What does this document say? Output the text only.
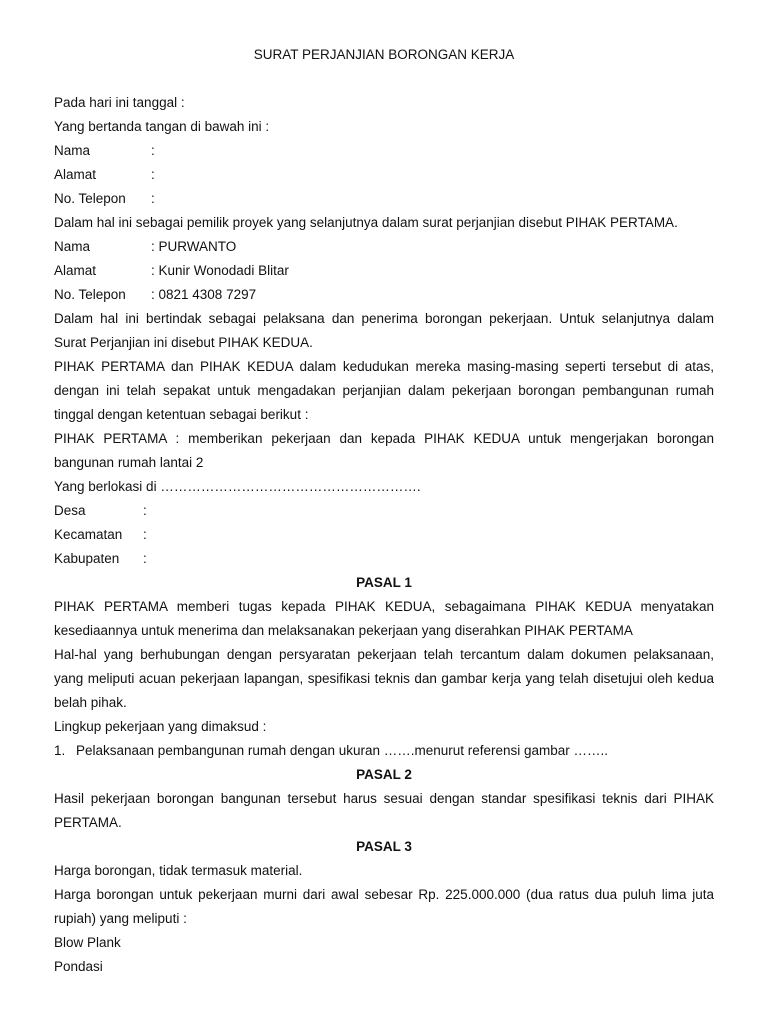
SURAT PERJANJIAN BORONGAN KERJA
Pada hari ini tanggal :
Yang bertanda tangan di bawah ini :
Nama	:
Alamat	:
No. Telepon :
Dalam hal ini sebagai pemilik proyek yang selanjutnya dalam surat perjanjian disebut PIHAK PERTAMA.
Nama	: PURWANTO
Alamat	: Kunir Wonodadi Blitar
No. Telepon : 0821 4308 7297
Dalam hal ini bertindak sebagai pelaksana dan penerima borongan pekerjaan. Untuk selanjutnya dalam
Surat Perjanjian ini disebut PIHAK KEDUA.
PIHAK PERTAMA dan PIHAK KEDUA dalam kedudukan mereka masing-masing seperti tersebut di atas,
dengan ini telah sepakat untuk mengadakan perjanjian dalam pekerjaan borongan pembangunan rumah
tinggal dengan ketentuan sebagai berikut :
PIHAK PERTAMA : memberikan pekerjaan dan kepada PIHAK KEDUA untuk mengerjakan borongan
bangunan rumah lantai 2
Yang berlokasi di ………………………………………………….
Desa	:
Kecamatan :
Kabupaten :
PASAL 1
PIHAK PERTAMA memberi tugas kepada PIHAK KEDUA, sebagaimana PIHAK KEDUA menyatakan
kesediaannya untuk menerima dan melaksanakan pekerjaan yang diserahkan PIHAK PERTAMA
Hal-hal yang berhubungan dengan persyaratan pekerjaan telah tercantum dalam dokumen pelaksanaan,
yang meliputi acuan pekerjaan lapangan, spesifikasi teknis dan gambar kerja yang telah disetujui oleh kedua
belah pihak.
Lingkup pekerjaan yang dimaksud :
1. Pelaksanaan pembangunan rumah dengan ukuran …….menurut referensi gambar ……..
PASAL 2
Hasil pekerjaan borongan bangunan tersebut harus sesuai dengan standar spesifikasi teknis dari PIHAK
PERTAMA.
PASAL 3
Harga borongan, tidak termasuk material.
Harga borongan untuk pekerjaan murni dari awal sebesar Rp. 225.000.000 (dua ratus dua puluh lima juta
rupiah) yang meliputi :
Blow Plank
Pondasi
